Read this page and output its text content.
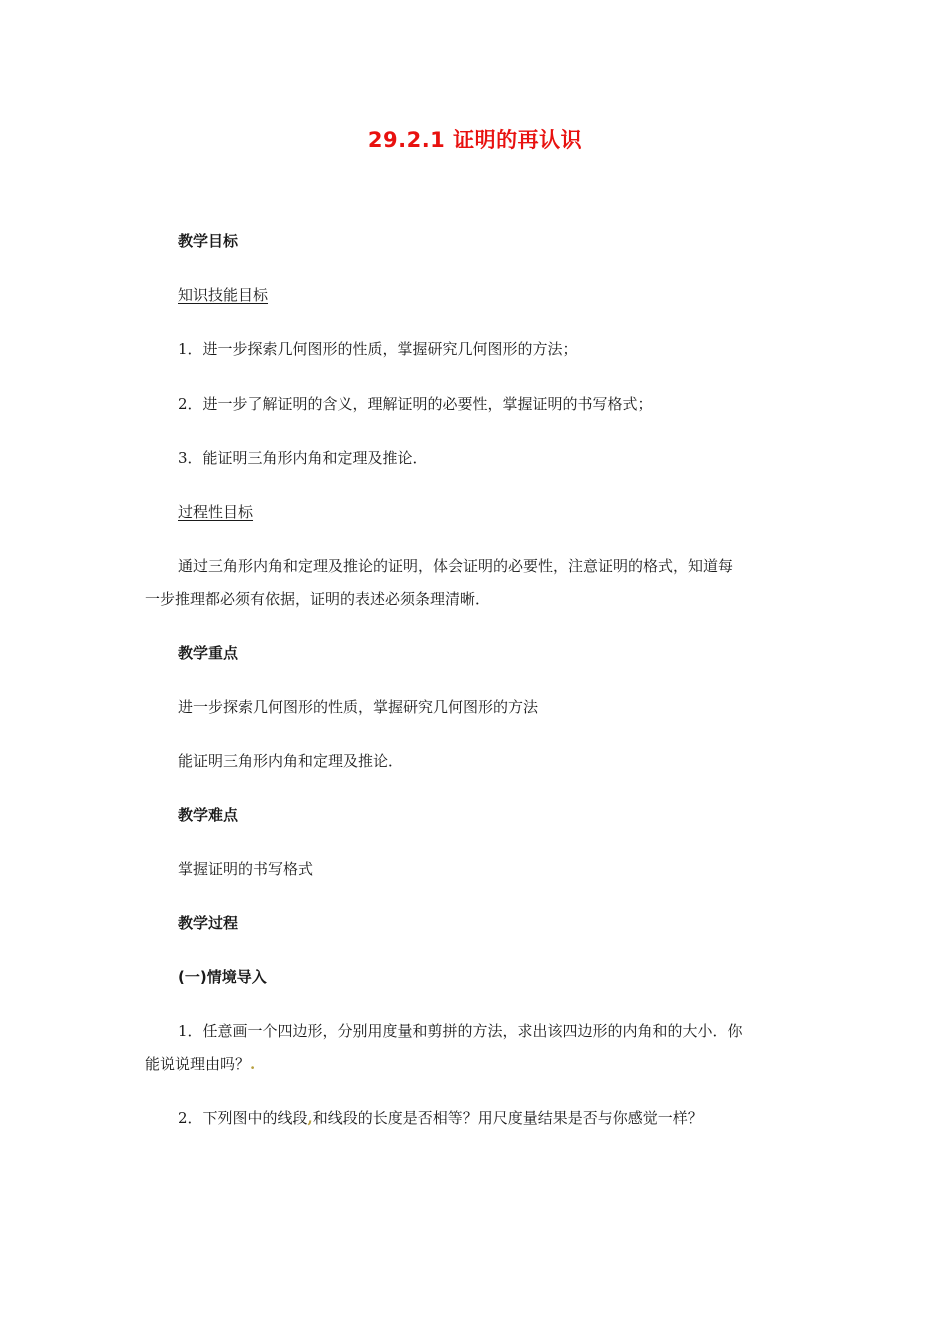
29.2.1 证明的再认识
教学目标
知识技能目标
1．进一步探索几何图形的性质，掌握研究几何图形的方法；
2．进一步了解证明的含义，理解证明的必要性，掌握证明的书写格式；
3．能证明三角形内角和定理及推论．
过程性目标
通过三角形内角和定理及推论的证明，体会证明的必要性，注意证明的格式，知道每
一步推理都必须有依据，证明的表述必须条理清晰．
教学重点
进一步探索几何图形的性质，掌握研究几何图形的方法
能证明三角形内角和定理及推论．
教学难点
掌握证明的书写格式
教学过程
(一)情境导入
1．任意画一个四边形，分别用度量和剪拼的方法，求出该四边形的内角和的大小．你
能说说理由吗？.
2．下列图中的线段,和线段的长度是否相等？用尺度量结果是否与你感觉一样？
